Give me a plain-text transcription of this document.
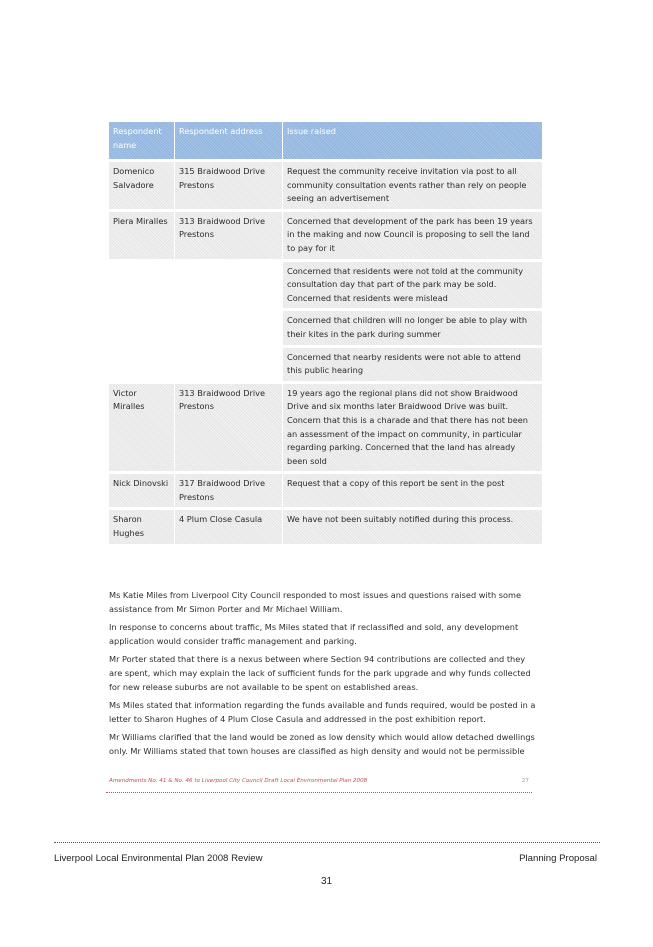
Respondent name	Respondent address	Issue raised
Domenico Salvadore	315 Braidwood Drive Prestons	Request the community receive invitation via post to all community consultation events rather than rely on people seeing an advertisement
Piera Miralles	313 Braidwood Drive Prestons	Concerned that development of the park has been 19 years in the making and now Council is proposing to sell the land to pay for it
		Concerned that residents were not told at the community consultation day that part of the park may be sold. Concerned that residents were mislead
		Concerned that children will no longer be able to play with their kites in the park during summer
		Concerned that nearby residents were not able to attend this public hearing
Victor Miralles	313 Braidwood Drive Prestons	19 years ago the regional plans did not show Braidwood Drive and six months later Braidwood Drive was built. Concern that this is a charade and that there has not been an assessment of the impact on community, in particular regarding parking. Concerned that the land has already been sold
Nick Dinovski	317 Braidwood Drive Prestons	Request that a copy of this report be sent in the post
Sharon Hughes	4 Plum Close Casula	We have not been suitably notified during this process.

Ms Katie Miles from Liverpool City Council responded to most issues and questions raised with some assistance from Mr Simon Porter and Mr Michael William.

In response to concerns about traffic, Ms Miles stated that if reclassified and sold, any development application would consider traffic management and parking.

Mr Porter stated that there is a nexus between where Section 94 contributions are collected and they are spent, which may explain the lack of sufficient funds for the park upgrade and why funds collected for new release suburbs are not available to be spent on established areas.

Ms Miles stated that information regarding the funds available and funds required, would be posted in a letter to Sharon Hughes of 4 Plum Close Casula and addressed in the post exhibition report.

Mr Williams clarified that the land would be zoned as low density which would allow detached dwellings only. Mr Williams stated that town houses are classified as high density and would not be permissible

Amendments No. 41 & No. 46 to Liverpool City Council Draft Local Environmental Plan 2008	27
Liverpool Local Environmental Plan 2008 Review	Planning Proposal
31
